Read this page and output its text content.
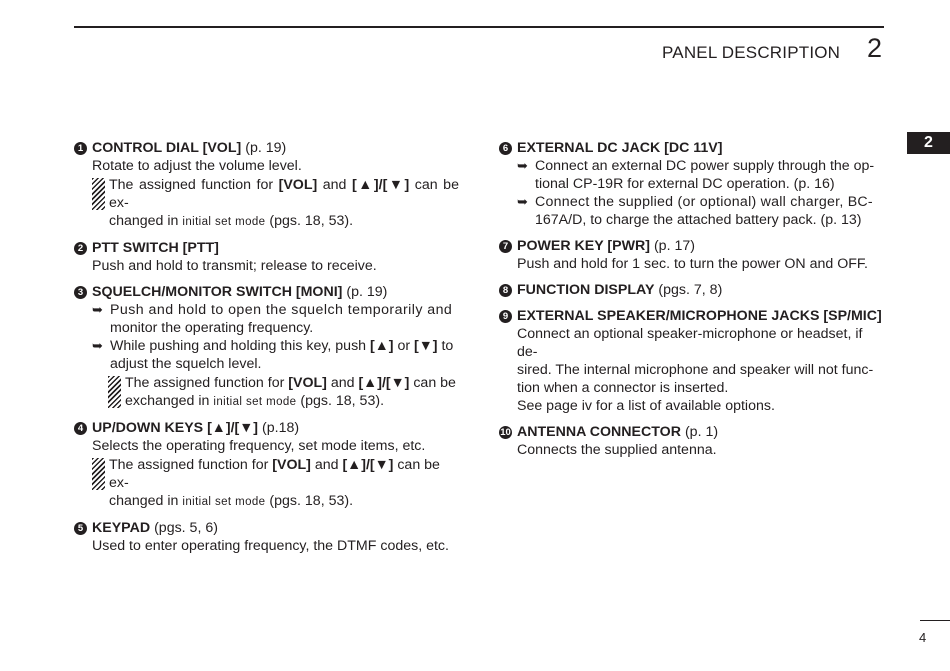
PANEL DESCRIPTION 2
2
1 CONTROL DIAL [VOL] (p. 19)
Rotate to adjust the volume level.
The assigned function for [VOL] and [▲]/[▼] can be ex-
changed in initial set mode (pgs. 18, 53).
2 PTT SWITCH [PTT]
Push and hold to transmit; release to receive.
3 SQUELCH/MONITOR SWITCH [MONI] (p. 19)
➥ Push and hold to open the squelch temporarily and
monitor the operating frequency.
➥ While pushing and holding this key, push [▲] or [▼] to
adjust the squelch level.
The assigned function for [VOL] and [▲]/[▼] can be
exchanged in initial set mode (pgs. 18, 53).
4 UP/DOWN KEYS [▲]/[▼] (p.18)
Selects the operating frequency, set mode items, etc.
The assigned function for [VOL] and [▲]/[▼] can be ex-
changed in initial set mode (pgs. 18, 53).
5 KEYPAD (pgs. 5, 6)
Used to enter operating frequency, the DTMF codes, etc.
6 EXTERNAL DC JACK [DC 11V]
➥ Connect an external DC power supply through the op-
tional CP-19R for external DC operation. (p. 16)
➥ Connect the supplied (or optional) wall charger, BC-
167A/D, to charge the attached battery pack. (p. 13)
7 POWER KEY [PWR] (p. 17)
Push and hold for 1 sec. to turn the power ON and OFF.
8 FUNCTION DISPLAY (pgs. 7, 8)
9 EXTERNAL SPEAKER/MICROPHONE JACKS [SP/MIC]
Connect an optional speaker-microphone or headset, if de-
sired. The internal microphone and speaker will not func-
tion when a connector is inserted.
See page iv for a list of available options.
10 ANTENNA CONNECTOR (p. 1)
Connects the supplied antenna.
4
